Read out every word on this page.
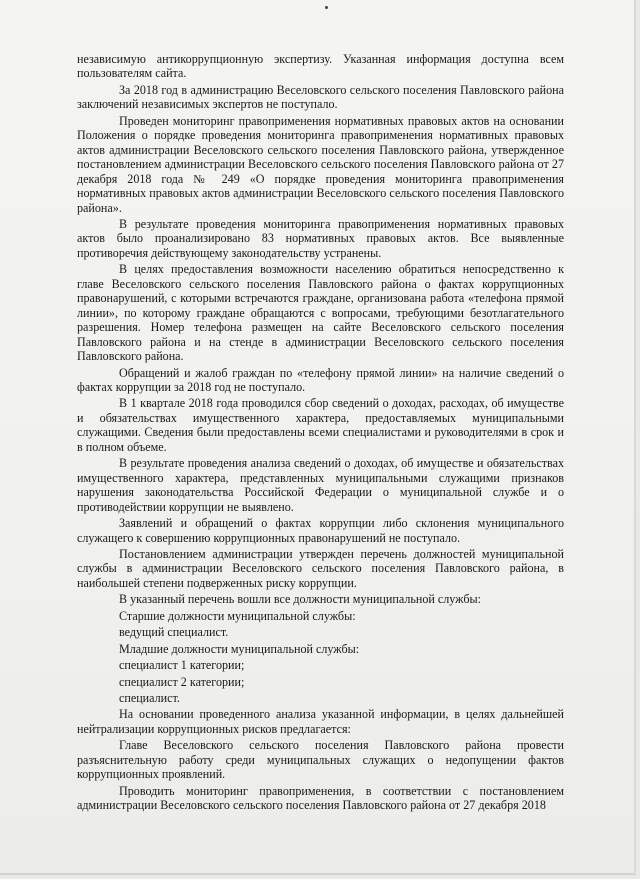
независимую антикоррупционную экспертизу. Указанная информация доступна всем пользователям сайта.

За 2018 год в администрацию Веселовского сельского поселения Павловского района заключений независимых экспертов не поступало.

Проведен мониторинг правоприменения нормативных правовых актов на основании Положения о порядке проведения мониторинга правоприменения нормативных правовых актов администрации Веселовского сельского поселения Павловского района, утвержденное постановлением администрации Веселовского сельского поселения Павловского района от 27 декабря 2018 года № 249 «О порядке проведения мониторинга правоприменения нормативных правовых актов администрации Веселовского сельского поселения Павловского района».

В результате проведения мониторинга правоприменения нормативных правовых актов было проанализировано 83 нормативных правовых актов. Все выявленные противоречия действующему законодательству устранены.

В целях предоставления возможности населению обратиться непосредственно к главе Веселовского сельского поселения Павловского района о фактах коррупционных правонарушений, с которыми встречаются граждане, организована работа «телефона прямой линии», по которому граждане обращаются с вопросами, требующими безотлагательного разрешения. Номер телефона размещен на сайте Веселовского сельского поселения Павловского района и на стенде в администрации Веселовского сельского поселения Павловского района.

Обращений и жалоб граждан по «телефону прямой линии» на наличие сведений о фактах коррупции за 2018 год не поступало.

В 1 квартале 2018 года проводился сбор сведений о доходах, расходах, об имуществе и обязательствах имущественного характера, предоставляемых муниципальными служащими. Сведения были предоставлены всеми специалистами и руководителями в срок и в полном объеме.

В результате проведения анализа сведений о доходах, об имуществе и обязательствах имущественного характера, представленных муниципальными служащими признаков нарушения законодательства Российской Федерации о муниципальной службе и о противодействии коррупции не выявлено.

Заявлений и обращений о фактах коррупции либо склонения муниципального служащего к совершению коррупционных правонарушений не поступало.

Постановлением администрации утвержден перечень должностей муниципальной службы в администрации Веселовского сельского поселения Павловского района, в наибольшей степени подверженных риску коррупции.

В указанный перечень вошли все должности муниципальной службы:

Старшие должности муниципальной службы:

ведущий специалист.

Младшие должности муниципальной службы:

специалист 1 категории;

специалист 2 категории;

специалист.

На основании проведенного анализа указанной информации, в целях дальнейшей нейтрализации коррупционных рисков предлагается:

Главе Веселовского сельского поселения Павловского района провести разъяснительную работу среди муниципальных служащих о недопущении фактов коррупционных проявлений.

Проводить мониторинг правоприменения, в соответствии с постановлением администрации Веселовского сельского поселения Павловского района от 27 декабря 2018
